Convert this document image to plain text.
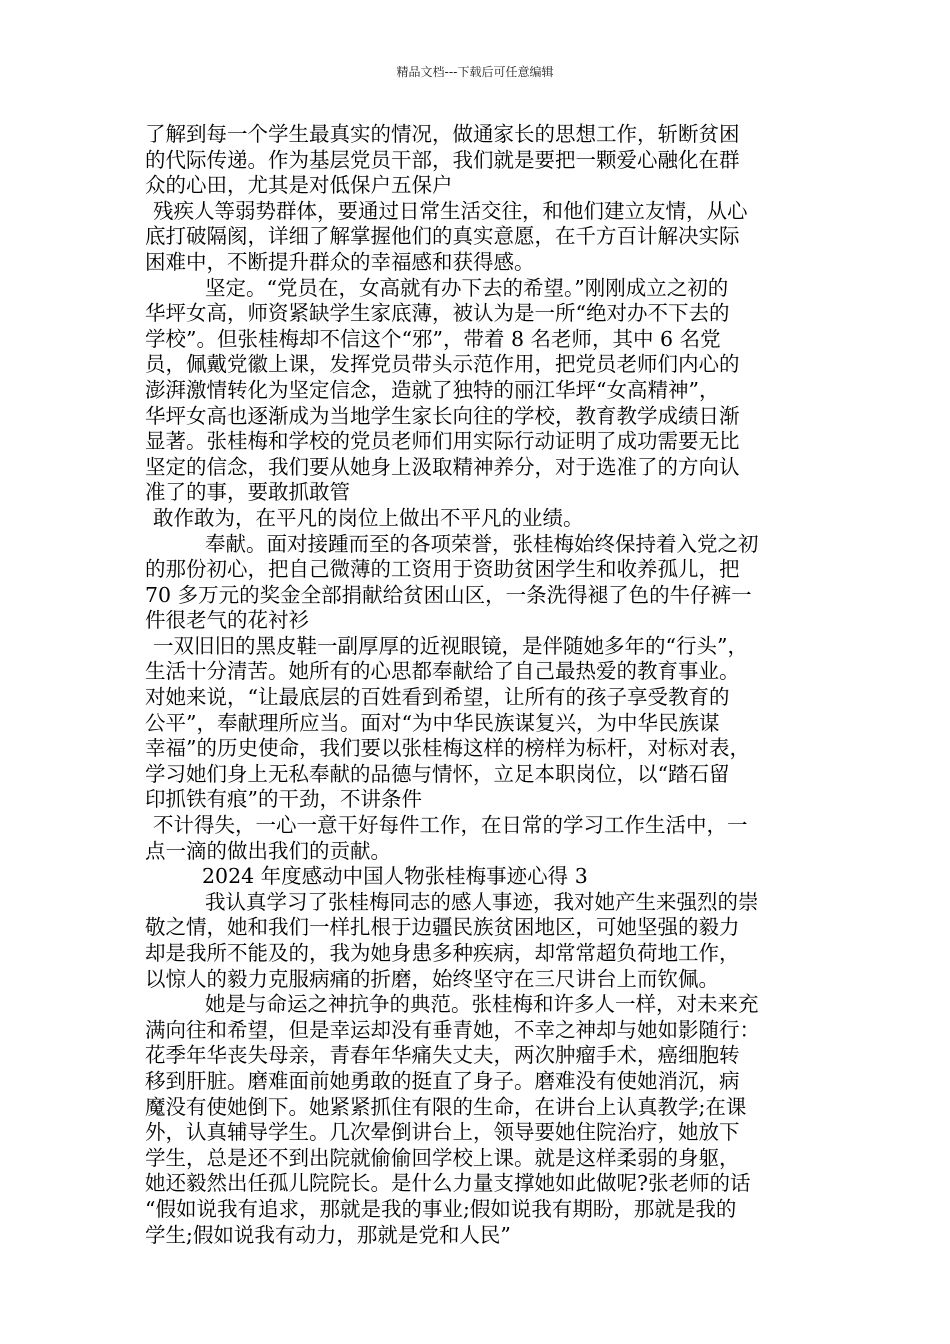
精品文档---下载后可任意编辑
了解到每一个学生最真实的情况，做通家长的思想工作，斩断贫困
的代际传递。作为基层党员干部，我们就是要把一颗爱心融化在群
众的心田，尤其是对低保户五保户
残疾人等弱势群体，要通过日常生活交往，和他们建立友情，从心
底打破隔阂，详细了解掌握他们的真实意愿，在千方百计解决实际
困难中，不断提升群众的幸福感和获得感。
坚定。“党员在，女高就有办下去的希望。”刚刚成立之初的
华坪女高，师资紧缺学生家底薄，被认为是一所“绝对办不下去的
学校”。但张桂梅却不信这个“邪”，带着 8 名老师，其中 6 名党
员，佩戴党徽上课，发挥党员带头示范作用，把党员老师们内心的
澎湃激情转化为坚定信念，造就了独特的丽江华坪“女高精神”，
华坪女高也逐渐成为当地学生家长向往的学校，教育教学成绩日渐
显著。张桂梅和学校的党员老师们用实际行动证明了成功需要无比
坚定的信念，我们要从她身上汲取精神养分，对于选准了的方向认
准了的事，要敢抓敢管
敢作敢为，在平凡的岗位上做出不平凡的业绩。
奉献。面对接踵而至的各项荣誉，张桂梅始终保持着入党之初
的那份初心，把自己微薄的工资用于资助贫困学生和收养孤儿，把
70 多万元的奖金全部捐献给贫困山区，一条洗得褪了色的牛仔裤一
件很老气的花衬衫
一双旧旧的黑皮鞋一副厚厚的近视眼镜，是伴随她多年的“行头”，
生活十分清苦。她所有的心思都奉献给了自己最热爱的教育事业。
对她来说，“让最底层的百姓看到希望，让所有的孩子享受教育的
公平”，奉献理所应当。面对“为中华民族谋复兴，为中华民族谋
幸福”的历史使命，我们要以张桂梅这样的榜样为标杆，对标对表，
学习她们身上无私奉献的品德与情怀，立足本职岗位，以“踏石留
印抓铁有痕”的干劲，不讲条件
不计得失，一心一意干好每件工作，在日常的学习工作生活中，一
点一滴的做出我们的贡献。
2024 年度感动中国人物张桂梅事迹心得 3
我认真学习了张桂梅同志的感人事迹，我对她产生来强烈的崇
敬之情，她和我们一样扎根于边疆民族贫困地区，可她坚强的毅力
却是我所不能及的，我为她身患多种疾病，却常常超负荷地工作，
以惊人的毅力克服病痛的折磨，始终坚守在三尺讲台上而钦佩。
她是与命运之神抗争的典范。张桂梅和许多人一样，对未来充
满向往和希望，但是幸运却没有垂青她，不幸之神却与她如影随行：
花季年华丧失母亲，青春年华痛失丈夫，两次肿瘤手术，癌细胞转
移到肝脏。磨难面前她勇敢的挺直了身子。磨难没有使她消沉，病
魔没有使她倒下。她紧紧抓住有限的生命，在讲台上认真教学;在课
外，认真辅导学生。几次晕倒讲台上，领导要她住院治疗，她放下
学生，总是还不到出院就偷偷回学校上课。就是这样柔弱的身躯，
她还毅然出任孤儿院院长。是什么力量支撑她如此做呢?张老师的话
“假如说我有追求，那就是我的事业;假如说我有期盼，那就是我的
学生;假如说我有动力，那就是党和人民”
